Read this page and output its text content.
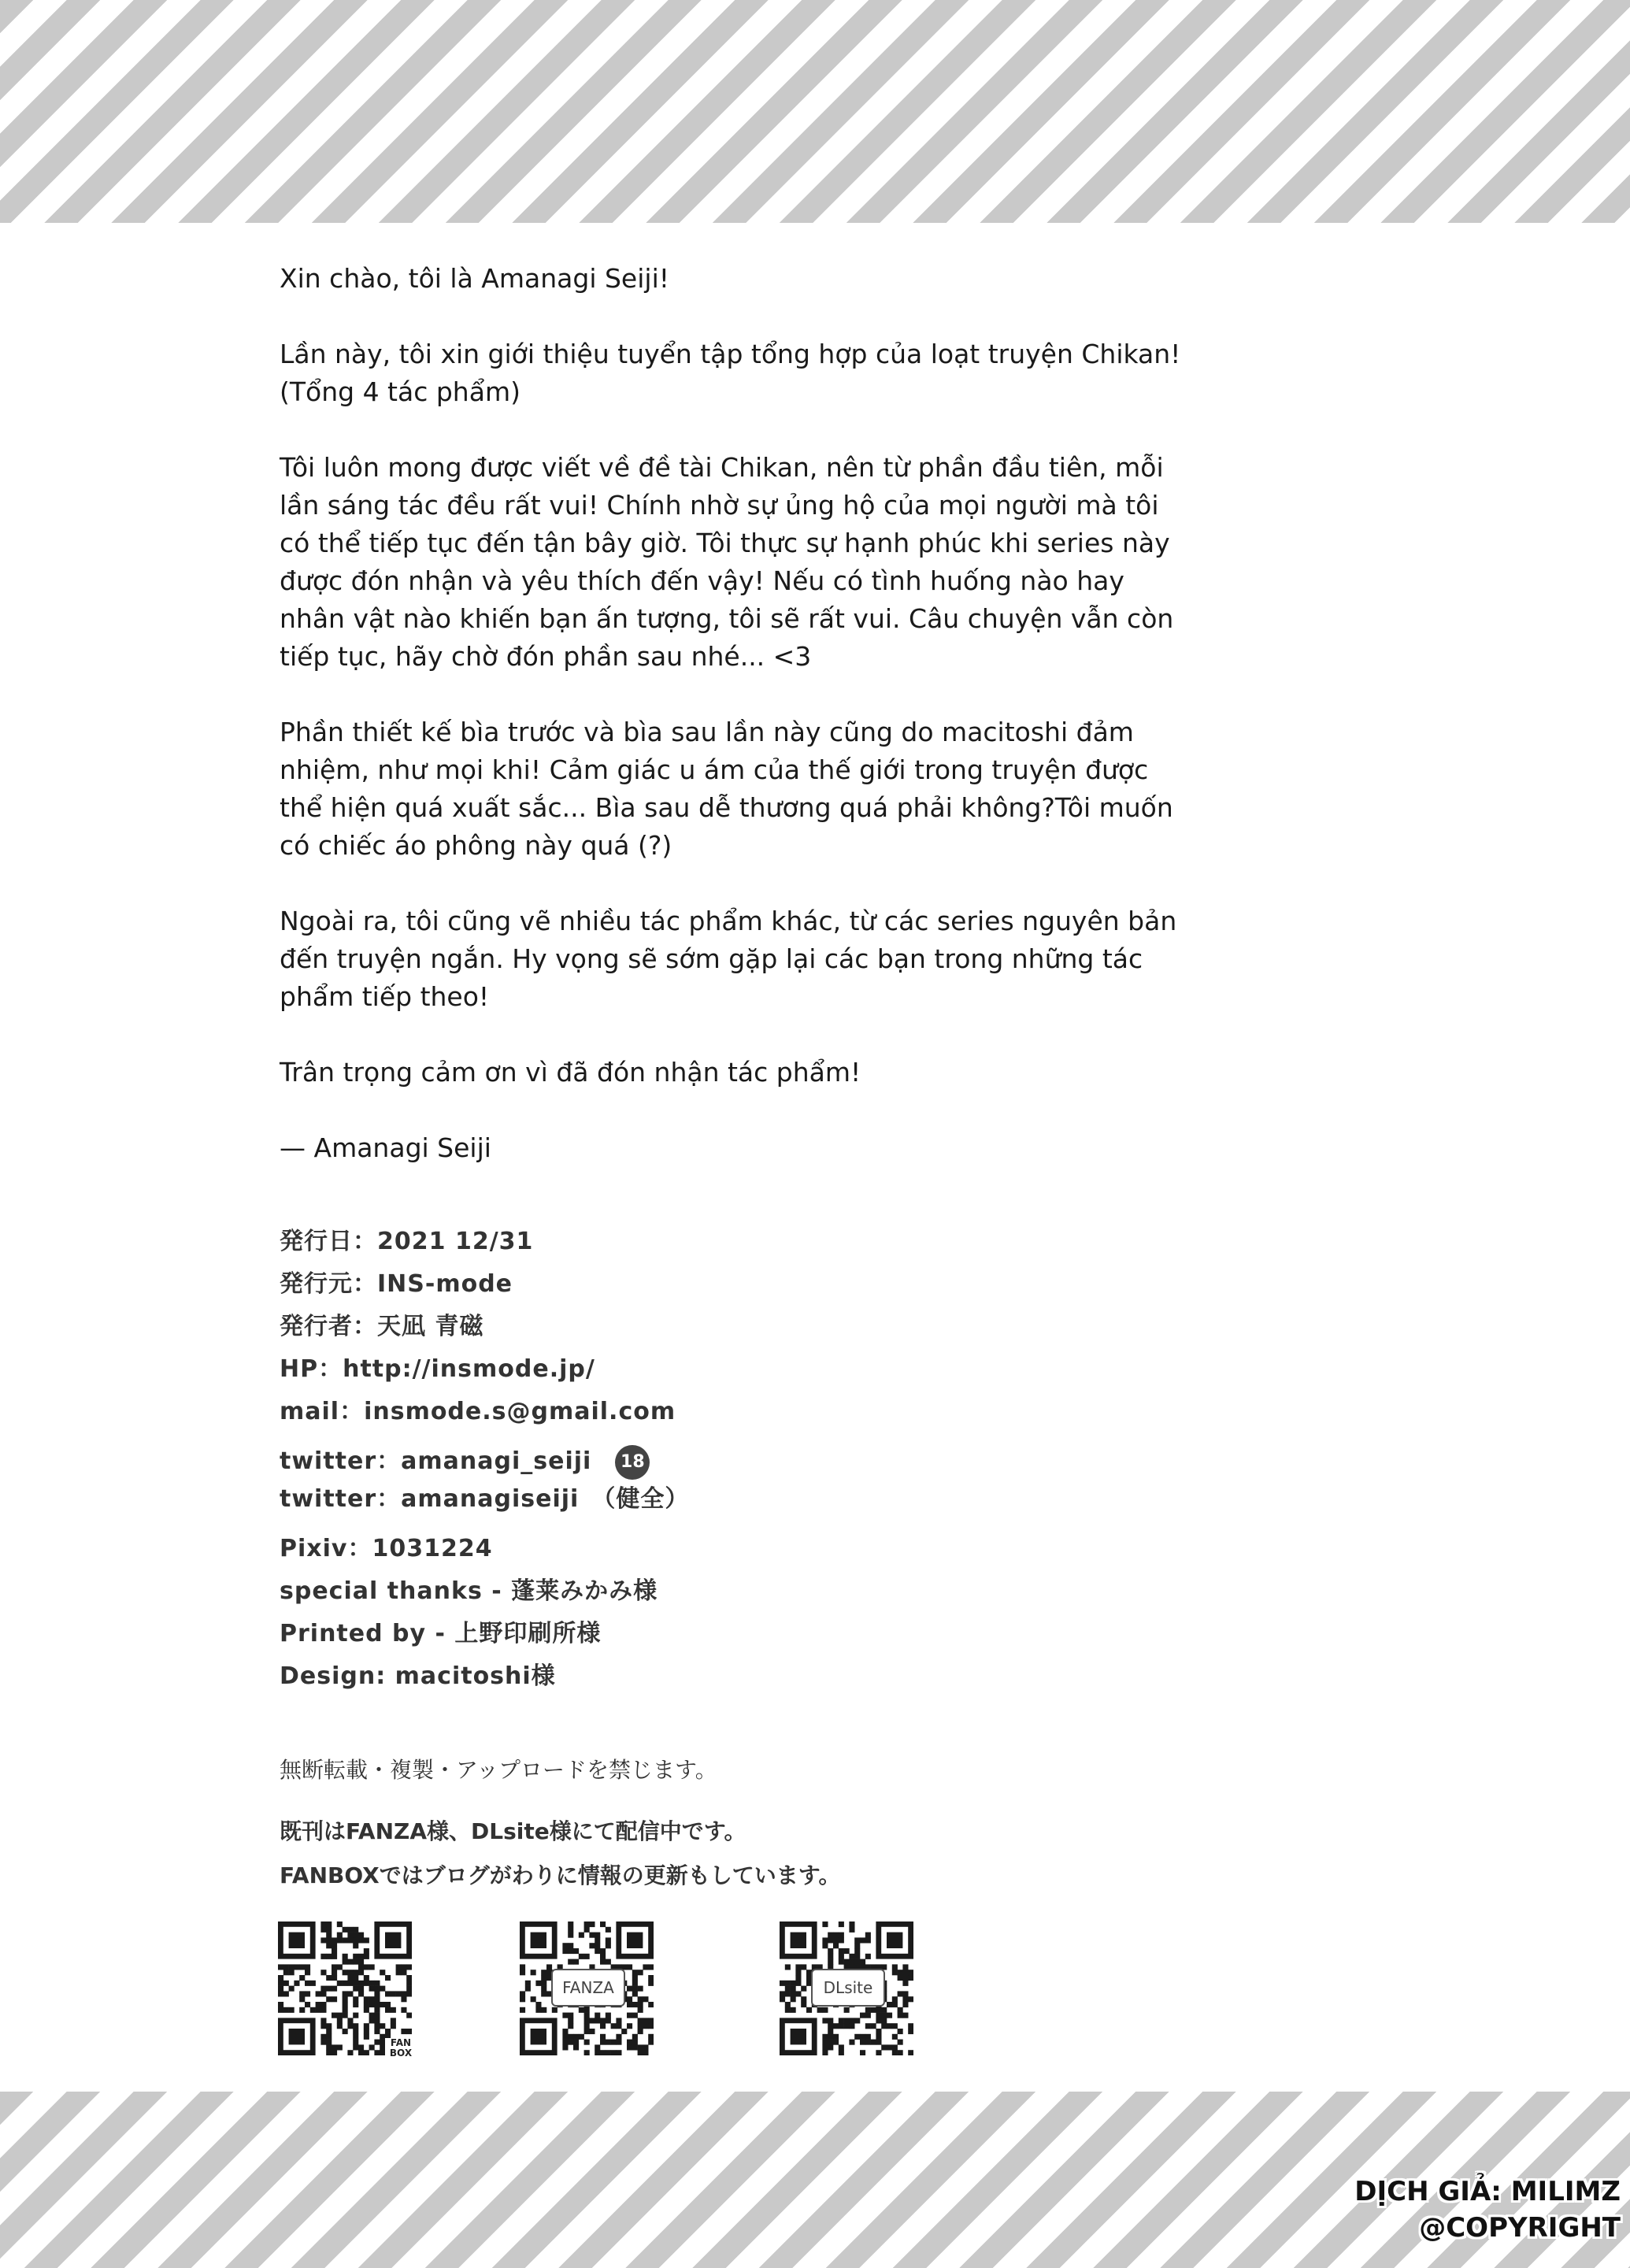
Xin chào, tôi là Amanagi Seiji!

Lần này, tôi xin giới thiệu tuyển tập tổng hợp của loạt truyện Chikan! (Tổng 4 tác phẩm)

Tôi luôn mong được viết về đề tài Chikan, nên từ phần đầu tiên, mỗi lần sáng tác đều rất vui! Chính nhờ sự ủng hộ của mọi người mà tôi có thể tiếp tục đến tận bây giờ. Tôi thực sự hạnh phúc khi series này được đón nhận và yêu thích đến vậy! Nếu có tình huống nào hay nhân vật nào khiến bạn ấn tượng, tôi sẽ rất vui. Câu chuyện vẫn còn tiếp tục, hãy chờ đón phần sau nhé... <3

Phần thiết kế bìa trước và bìa sau lần này cũng do macitoshi đảm nhiệm, như mọi khi! Cảm giác u ám của thế giới trong truyện được thể hiện quá xuất sắc... Bìa sau dễ thương quá phải không?Tôi muốn có chiếc áo phông này quá (?)

Ngoài ra, tôi cũng vẽ nhiều tác phẩm khác, từ các series nguyên bản đến truyện ngắn. Hy vọng sẽ sớm gặp lại các bạn trong những tác phẩm tiếp theo!

Trân trọng cảm ơn vì đã đón nhận tác phẩm!

— Amanagi Seiji

発行日：2021 12/31
発行元：INS-mode
発行者：天凪 青磁
HP：http://insmode.jp/
mail：insmode.s@gmail.com
twitter：amanagi_seiji 18
twitter：amanagiseiji　（健全）
Pixiv：1031224
special thanks - 蓬莱みかみ様
Printed by - 上野印刷所様
Design: macitoshi様
無断転載・複製・アップロードを禁じます。
既刊はFANZA様、DLsite様にて配信中です。
FANBOXではブログがわりに情報の更新もしています。
FAN BOX
FANZA	DLsite
DỊCH GIẢ: MILIMZ
@COPYRIGHT
